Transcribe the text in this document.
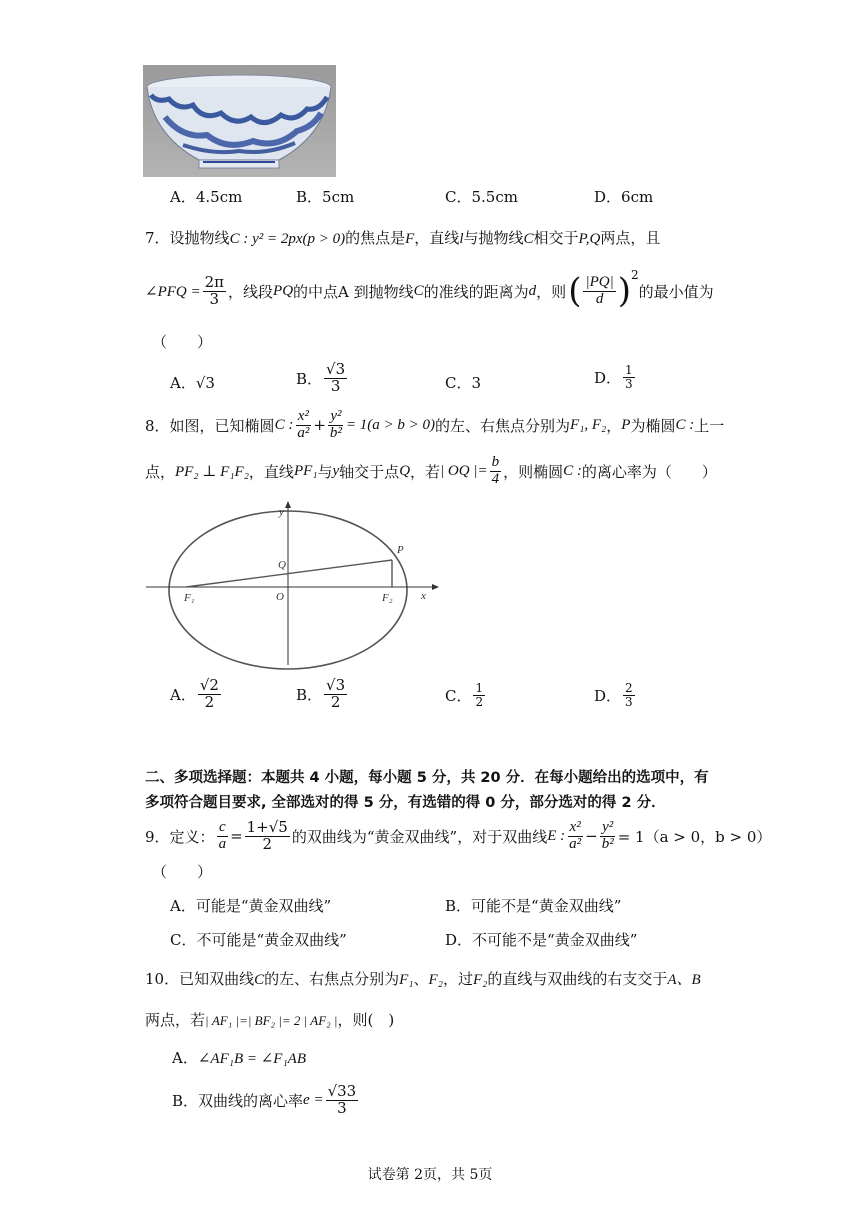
A．4.5cm	B．5cm	C．5.5cm	D．6cm
7．设抛物线C : y² = 2px(p > 0)的焦点是F，直线l与抛物线C相交于P,Q两点，且
∠PFQ = $\frac{2\pi}{3}$ ，线段 PQ 的中点A 到抛物线 C 的准线的距离为 d ，则 ( $\frac{|PQ|}{d}$ ) 2
的最小值为
（　　）
A．√3	B． $\frac{√3}{3}$	C．3	D． $\frac{1}{3}$
8． 如图，已知椭圆 C : $\frac{\text{x²}}{\text{a²}} + \frac{\text{y²}}{\text{b²}} = 1(a > b > 0)$ 的左、右焦点分别为 F₁, F₂ ， P 为椭圆 C : 上一
点， PF₂ ⊥ F₁F₂ ，直线 PF₁ 与 y 轴交于点 Q ，若 | OQ |= $\frac{b}{4}$ ，则椭圆 C : 的离心率为（　　）
y
x
P
Q
O
F₁	F₂
A． $\frac{√2}{2}$	B． $\frac{√3}{2}$	C． $\frac{1}{2}$	D． $\frac{2}{3}$
二、多项选择题：本题共 4 小题，每小题 5 分，共 20 分．在每小题给出的选项中，有
多项符合题目要求, 全部选对的得 5 分，有选错的得 0 分，部分选对的得 2 分．
9． 定义： $\frac{c}{a} = \frac{1+√5}{2}$ 的双曲线为“黄金双曲线”，对于双曲线 E : $\frac{\text{x²}}{\text{a²}} - \frac{\text{y²}}{\text{b²}} = 1(a > 0$，b > 0）
（　　）
A．可能是“黄金双曲线”	B．可能不是“黄金双曲线”
C．不可能是“黄金双曲线”	D．不可能不是“黄金双曲线”
10．已知双曲线C的左、右焦点分别为F₁、F₂，过F₂的直线与双曲线的右支交于A、B
两点，若| AF₁ |=| BF₂ |= 2 | AF₂ |，则(　)
A．∠AF₁B = ∠F₁AB
B． 双曲线的离心率 $e = \frac{√33}{3}$
试卷第 2页，共 5页
